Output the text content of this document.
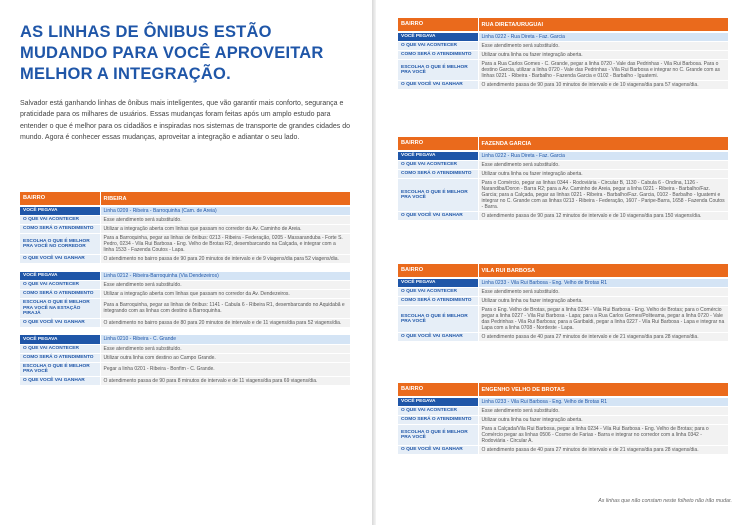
AS LINHAS DE ÔNIBUS ESTÃO MUDANDO PARA VOCÊ APROVEITAR MELHOR A INTEGRAÇÃO.

Salvador está ganhando linhas de ônibus mais inteligentes, que vão garantir mais conforto, segurança e praticidade para os milhares de usuários. Essas mudanças foram feitas após um amplo estudo para entender o que é melhor para os cidadãos e inspiradas nos sistemas de transporte de grandes cidades do mundo. Agora é conhecer essas mudanças, aproveitar a integração e adiantar o seu lado.

BAIRRO	RIBEIRA
VOCÊ PEGAVA	Linha 0209 - Ribeira - Barroquinha (Cam. de Areia)
O QUE VAI ACONTECER	Esse atendimento será substituído.
COMO SERÁ O ATENDIMENTO	Utilizar a integração aberta com linhas que passam no corredor da Av. Caminho de Areia.
ESCOLHA O QUE É MELHOR PRA VOCÊ NO CORREDOR	Para a Barroquinha, pegar as linhas de ônibus: 0213 - Ribeira - Federação, 0205 - Massaranduba - Forte S. Pedro, 0234 - Vila Rui Barbosa - Eng. Velho de Brotas R2, desembarcando na Calçada, e integrar com a linha 1533 - Fazenda Coutos - Lapa.
O QUE VOCÊ VAI GANHAR	O atendimento no bairro passa de 90 para 20 minutos de intervalo e de 9 viagens/dia para 52 viagens/dia.

VOCÊ PEGAVA	Linha 0212 - Ribeira-Barroquinha (Via Dendezeiros)
O QUE VAI ACONTECER	Esse atendimento será substituído.
COMO SERÁ O ATENDIMENTO	Utilizar a integração aberta com linhas que passam no corredor da Av. Dendezeiros.
ESCOLHA O QUE É MELHOR PRA VOCÊ NA ESTAÇÃO PIRAJÁ	Para a Barroquinha, pegar as linhas de ônibus: 1141 - Cabula 6 - Ribeira R1, desembarcando no Aquidabã e integrando com as linhas com destino à Barroquinha.
O QUE VOCÊ VAI GANHAR	O atendimento no bairro passa de 80 para 20 minutos de intervalo e de 11 viagens/dia para 52 viagens/dia.

VOCÊ PEGAVA	Linha 0210 - Ribeira - C. Grande
O QUE VAI ACONTECER	Esse atendimento será substituído.
COMO SERÁ O ATENDIMENTO	Utilizar outra linha com destino ao Campo Grande.
ESCOLHA O QUE É MELHOR PRA VOCÊ	Pegar a linha 0201 - Ribeira - Bonfim - C. Grande.
O QUE VOCÊ VAI GANHAR	O atendimento passa de 90 para 8 minutos de intervalo e de 11 viagens/dia para 69 viagens/dia.
BAIRRO	RUA DIRETA/URUGUAI
VOCÊ PEGAVA	Linha 0222 - Rua Direta - Faz. Garcia
O QUE VAI ACONTECER	Esse atendimento será substituído.
COMO SERÁ O ATENDIMENTO	Utilizar outra linha ou fazer integração aberta.
ESCOLHA O QUE É MELHOR PRA VOCÊ	Para a Rua Carlos Gomes - C. Grande, pegar a linha 0720 - Vale das Pedrinhas - Vila Rui Barbosa. Para o destino Garcia, utilizar a linha 0720 - Vale das Pedrinhas - Vila Rui Barbosa e integrar no C. Grande com as linhas 0221 - Ribeira - Barbalho - Fazenda Garcia e 0102 - Barbalho - Iguatemi.
O QUE VOCÊ VAI GANHAR	O atendimento passa de 90 para 10 minutos de intervalo e de 10 viagens/dia para 57 viagens/dia.
BAIRRO	FAZENDA GARCIA
VOCÊ PEGAVA	Linha 0222 - Rua Direta - Faz. Garcia
O QUE VAI ACONTECER	Esse atendimento será substituído.
COMO SERÁ O ATENDIMENTO	Utilizar outra linha ou fazer integração aberta.
ESCOLHA O QUE É MELHOR PRA VOCÊ	Para o Comércio, pegar as linhas 0344 - Rodoviária - Circular B, 1130 - Cabula 6 - Ondina, 1126 - Narandiba/Doron - Barra R2; para a Av. Caminho de Areia, pegar a linha 0221 - Ribeira - Barbalho/Faz. Garcia; para a Calçada, pegar as linhas 0221 - Ribeira - Barbalho/Faz. Garcia, 0102 - Barbalho - Iguatemi e integrar no C. Grande com as linhas 0213 - Ribeira - Federação, 1607 - Paripe-Barra, 1658 - Fazenda Coutos - Barra.
O QUE VOCÊ VAI GANHAR	O atendimento passa de 90 para 12 minutos de intervalo e de 10 viagens/dia para 150 viagens/dia.
BAIRRO	VILA RUI BARBOSA
VOCÊ PEGAVA	Linha 0233 - Vila Rui Barbosa - Eng. Velho de Brotas R1
O QUE VAI ACONTECER	Esse atendimento será substituído.
COMO SERÁ O ATENDIMENTO	Utilizar outra linha ou fazer integração aberta.
ESCOLHA O QUE É MELHOR PRA VOCÊ	Para o Eng. Velho de Brotas, pegar a linha 0234 - Vila Rui Barbosa - Eng. Velho de Brotas; para o Comércio pegar a linha 0227 - Vila Rui Barbosa - Lapa; para a Rua Carlos Gomes/Politeama, pegar a linha 0720 - Vale das Pedrinhas - Vila Rui Barbosa; para a Garibaldi, pegar a linha 0227 - Vila Rui Barbosa - Lapa e integrar na Lapa com a linha 0708 - Nordeste - Lapa.
O QUE VOCÊ VAI GANHAR	O atendimento passa de 40 para 27 minutos de intervalo e de 21 viagens/dia para 28 viagens/dia.
BAIRRO	ENGENHO VELHO DE BROTAS
VOCÊ PEGAVA	Linha 0233 - Vila Rui Barbosa - Eng. Velho de Brotas R1
O QUE VAI ACONTECER	Esse atendimento será substituído.
COMO SERÁ O ATENDIMENTO	Utilizar outra linha ou fazer integração aberta.
ESCOLHA O QUE É MELHOR PRA VOCÊ	Para a Calçada/Vila Rui Barbosa, pegar a linha 0234 - Vila Rui Barbosa - Eng. Velho de Brotas; para o Comércio pegar as linhas 0506 - Cosme de Farias - Barra e integrar no corredor com a linha 0342 - Rodoviária - Circular A.
O QUE VOCÊ VAI GANHAR	O atendimento passa de 40 para 27 minutos de intervalo e de 21 viagens/dia para 28 viagens/dia.
As linhas que não constam neste folheto não irão mudar.
